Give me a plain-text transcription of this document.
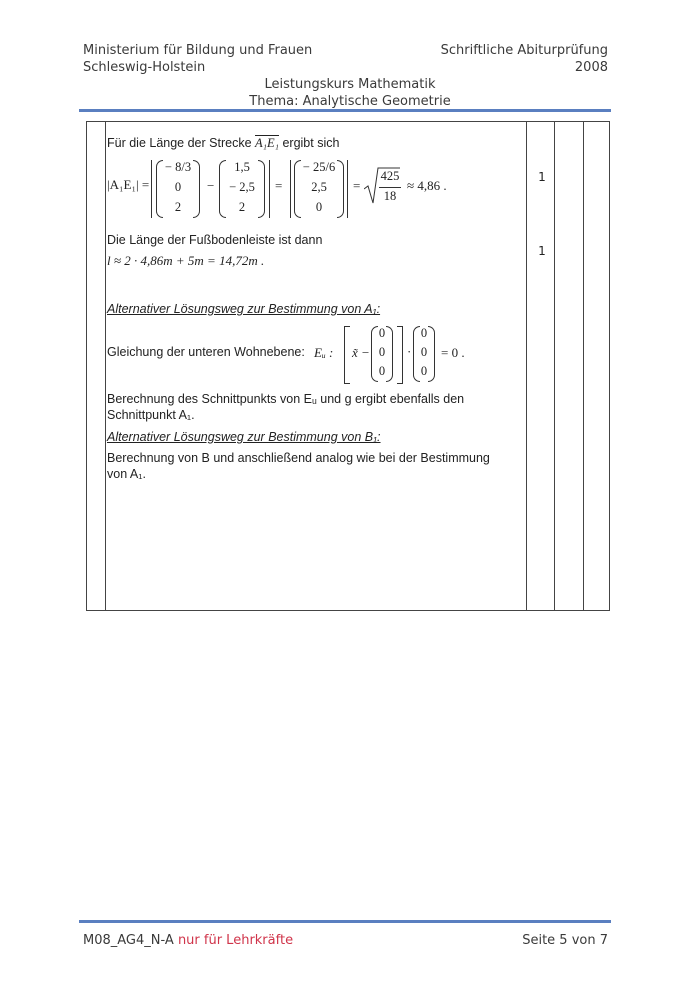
Ministerium für Bildung und Frauen
Schleswig-Holstein
Schriftliche Abiturprüfung
2008
Leistungskurs Mathematik
Thema: Analytische Geometrie
1
1
Für die Länge der Strecke A₁E₁ ergibt sich
|A₁E₁| =
− 8/3
0
2
−
1,5
− 2,5
2
=
− 25/6
2,5
0
=
425
18
≈ 4,86 .
Die Länge der Fußbodenleiste ist dann
l ≈ 2 · 4,86m + 5m = 14,72m .
Alternativer Lösungsweg zur Bestimmung von A₁:
Gleichung der unteren Wohnebene: Eᵤ : x̃ −
0
0
0
·
0
0
0
= 0 .
Berechnung des Schnittpunkts von Eᵤ und g ergibt ebenfalls den
Schnittpunkt A₁.
Alternativer Lösungsweg zur Bestimmung von B₁:
Berechnung von B und anschließend analog wie bei der Bestimmung
von A₁.
M08_AG4_N-A nur für Lehrkräfte	Seite 5 von 7
